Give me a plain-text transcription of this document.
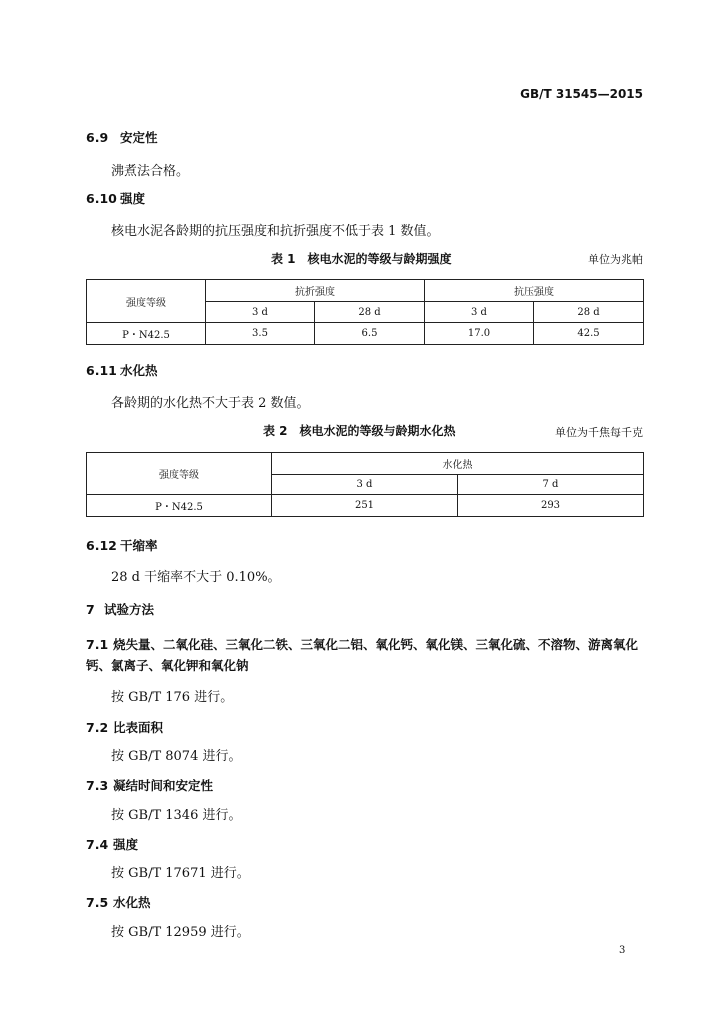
GB/T 31545—2015
6.9 安定性
沸煮法合格。
6.10 强度
核电水泥各龄期的抗压强度和抗折强度不低于表 1 数值。
表 1　核电水泥的等级与龄期强度	单位为兆帕
强度等级	抗折强度		抗压强度	
	3 d	28 d	3 d	28 d
P・N42.5	3.5	6.5	17.0	42.5
6.11 水化热
各龄期的水化热不大于表 2 数值。
表 2　核电水泥的等级与龄期水化热	单位为千焦每千克
强度等级	水化热	
	3 d	7 d
P・N42.5	251	293
6.12 干缩率
28 d 干缩率不大于 0.10%。
7 试验方法
7.1 烧失量、二氧化硅、三氧化二铁、三氧化二铝、氧化钙、氧化镁、三氧化硫、不溶物、游离氧化钙、氯离子、氧化钾和氧化钠
按 GB/T 176 进行。
7.2 比表面积
按 GB/T 8074 进行。
7.3 凝结时间和安定性
按 GB/T 1346 进行。
7.4 强度
按 GB/T 17671 进行。
7.5 水化热
按 GB/T 12959 进行。
3
